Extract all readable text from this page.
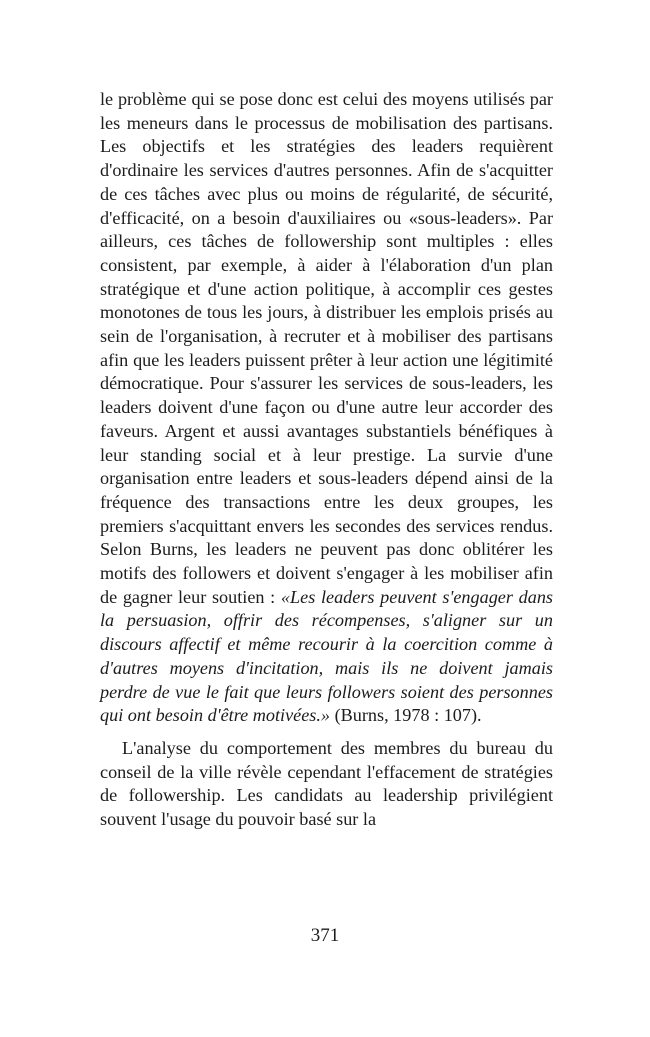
le problème qui se pose donc est celui des moyens utilisés par les meneurs dans le processus de mobilisation des partisans. Les objectifs et les stratégies des leaders requièrent d'ordinaire les services d'autres personnes. Afin de s'acquitter de ces tâches avec plus ou moins de régularité, de sécurité, d'efficacité, on a besoin d'auxiliaires ou «sous-leaders». Par ailleurs, ces tâches de followership sont multiples : elles consistent, par exemple, à aider à l'élaboration d'un plan stratégique et d'une action politique, à accomplir ces gestes monotones de tous les jours, à distribuer les emplois prisés au sein de l'organisation, à recruter et à mobiliser des partisans afin que les leaders puissent prêter à leur action une légitimité démocratique. Pour s'assurer les services de sous-leaders, les leaders doivent d'une façon ou d'une autre leur accorder des faveurs. Argent et aussi avantages substantiels bénéfiques à leur standing social et à leur prestige. La survie d'une organisation entre leaders et sous-leaders dépend ainsi de la fréquence des transactions entre les deux groupes, les premiers s'acquittant envers les secondes des services rendus. Selon Burns, les leaders ne peuvent pas donc oblitérer les motifs des followers et doivent s'engager à les mobiliser afin de gagner leur soutien : «Les leaders peuvent s'engager dans la persuasion, offrir des récompenses, s'aligner sur un discours affectif et même recourir à la coercition comme à d'autres moyens d'incitation, mais ils ne doivent jamais perdre de vue le fait que leurs followers soient des personnes qui ont besoin d'être motivées.» (Burns, 1978 : 107).

L'analyse du comportement des membres du bureau du conseil de la ville révèle cependant l'effacement de stratégies de followership. Les candidats au leadership privilégient souvent l'usage du pouvoir basé sur la

371
